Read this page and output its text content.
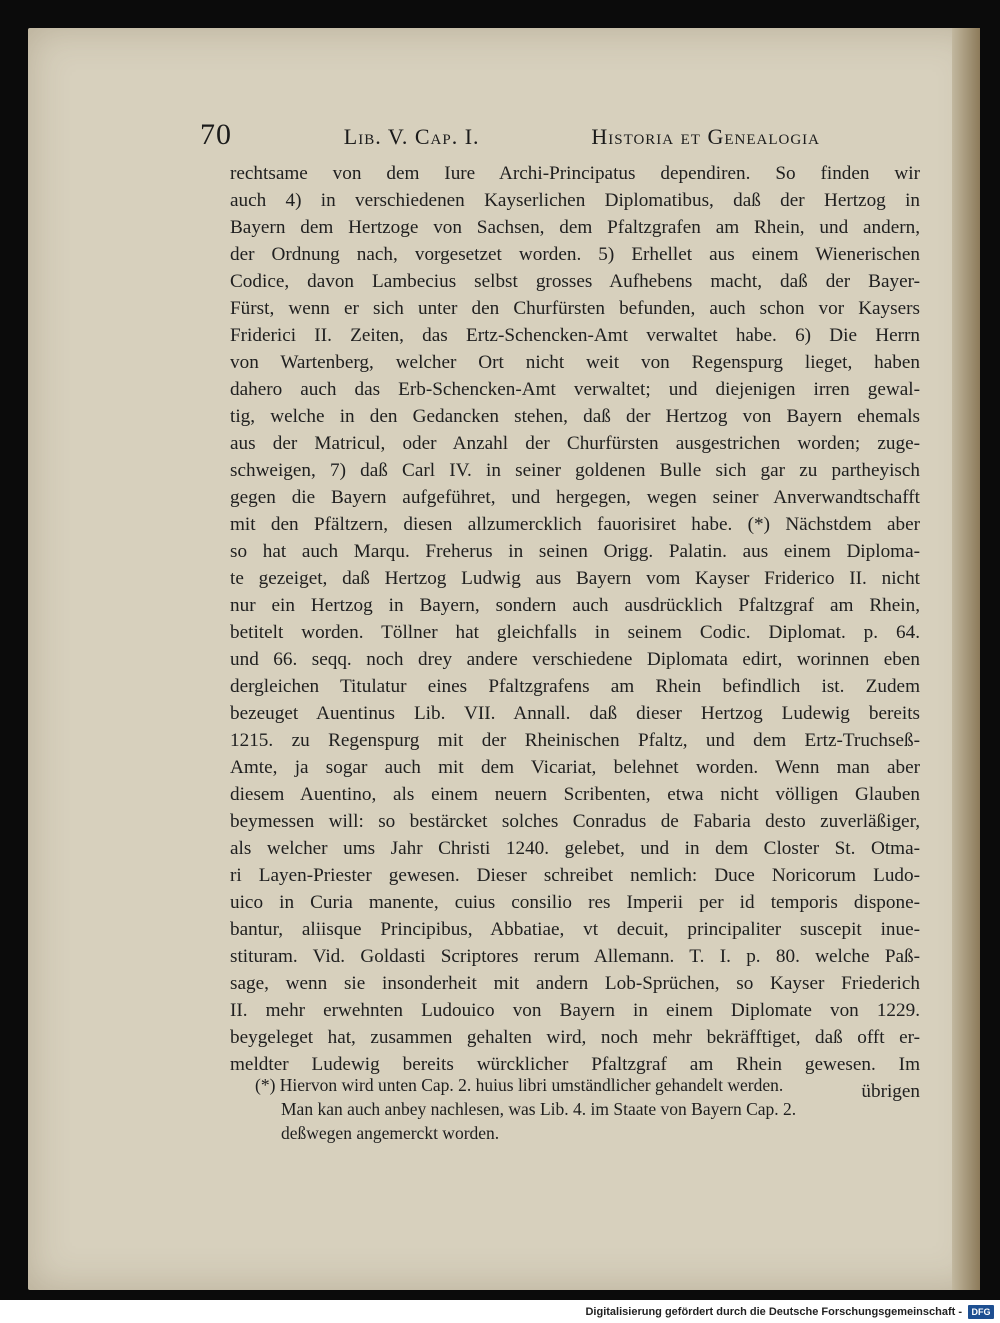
70	Lib. V. Cap. I.	Historia et Genealogia
rechtsame von dem Iure Archi-Principatus dependiren. So finden wir
auch 4) in verschiedenen Kayserlichen Diplomatibus, daß der Hertzog in
Bayern dem Hertzoge von Sachsen, dem Pfaltzgrafen am Rhein, und andern,
der Ordnung nach, vorgesetzet worden. 5) Erhellet aus einem Wienerischen
Codice, davon Lambecius selbst grosses Aufhebens macht, daß der Bayer-
Fürst, wenn er sich unter den Churfürsten befunden, auch schon vor Kaysers
Friderici II. Zeiten, das Ertz-Schencken-Amt verwaltet habe. 6) Die Herrn
von Wartenberg, welcher Ort nicht weit von Regenspurg lieget, haben
dahero auch das Erb-Schencken-Amt verwaltet; und diejenigen irren gewal-
tig, welche in den Gedancken stehen, daß der Hertzog von Bayern ehemals
aus der Matricul, oder Anzahl der Churfürsten ausgestrichen worden; zuge-
schweigen, 7) daß Carl IV. in seiner goldenen Bulle sich gar zu partheyisch
gegen die Bayern aufgeführet, und hergegen, wegen seiner Anverwandtschafft
mit den Pfältzern, diesen allzumercklich fauorisiret habe. (*) Nächstdem aber
so hat auch Marqu. Freherus in seinen Origg. Palatin. aus einem Diploma-
te gezeiget, daß Hertzog Ludwig aus Bayern vom Kayser Friderico II. nicht
nur ein Hertzog in Bayern, sondern auch ausdrücklich Pfaltzgraf am Rhein,
betitelt worden. Töllner hat gleichfalls in seinem Codic. Diplomat. p. 64.
und 66. seqq. noch drey andere verschiedene Diplomata edirt, worinnen eben
dergleichen Titulatur eines Pfaltzgrafens am Rhein befindlich ist. Zudem
bezeuget Auentinus Lib. VII. Annall. daß dieser Hertzog Ludewig bereits
1215. zu Regenspurg mit der Rheinischen Pfaltz, und dem Ertz-Truchseß-
Amte, ja sogar auch mit dem Vicariat, belehnet worden. Wenn man aber
diesem Auentino, als einem neuern Scribenten, etwa nicht völligen Glauben
beymessen will: so bestärcket solches Conradus de Fabaria desto zuverläßiger,
als welcher ums Jahr Christi 1240. gelebet, und in dem Closter St. Otma-
ri Layen-Priester gewesen. Dieser schreibet nemlich: Duce Noricorum Ludo-
uico in Curia manente, cuius consilio res Imperii per id temporis dispone-
bantur, aliisque Principibus, Abbatiae, vt decuit, principaliter suscepit inue-
stituram. Vid. Goldasti Scriptores rerum Allemann. T. I. p. 80. welche Paß-
sage, wenn sie insonderheit mit andern Lob-Sprüchen, so Kayser Friederich
II. mehr erwehnten Ludouico von Bayern in einem Diplomate von 1229.
beygeleget hat, zusammen gehalten wird, noch mehr bekräfftiget, daß offt er-
meldter Ludewig bereits würcklicher Pfaltzgraf am Rhein gewesen. Im
übrigen
(*) Hiervon wird unten Cap. 2. huius libri umständlicher gehandelt werden.
Man kan auch anbey nachlesen, was Lib. 4. im Staate von Bayern Cap. 2.
deßwegen angemerckt worden.
Digitalisierung gefördert durch die Deutsche Forschungsgemeinschaft -	DFG
